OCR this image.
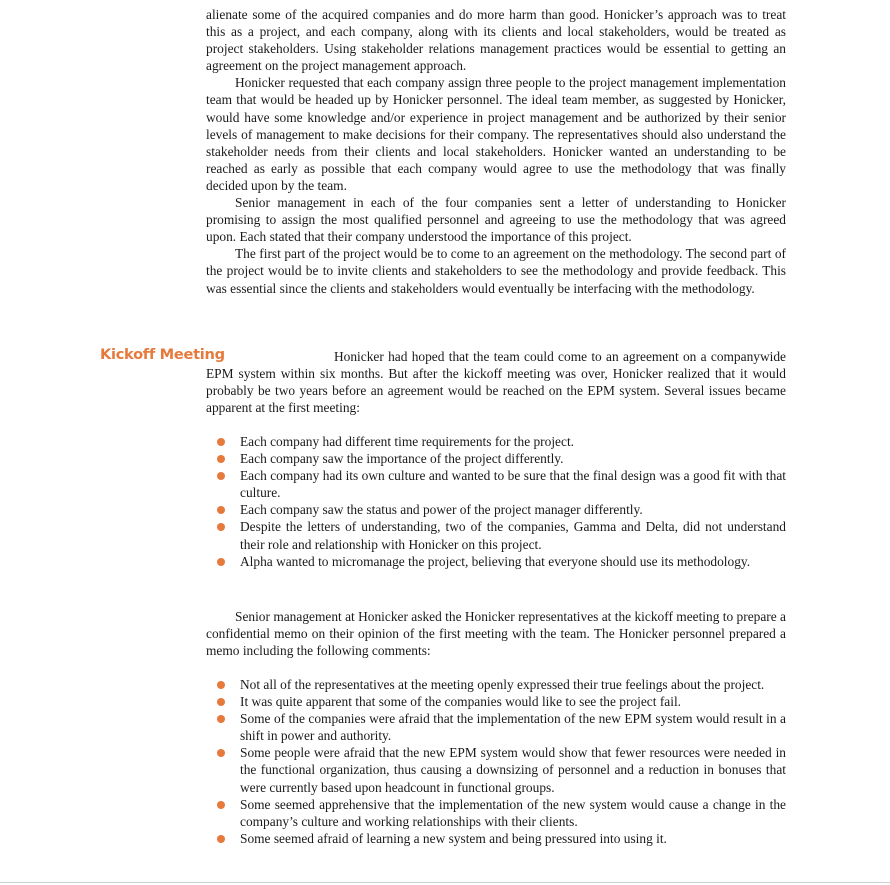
alienate some of the acquired companies and do more harm than good. Honicker’s approach was to treat this as a project, and each company, along with its clients and local stakeholders, would be treated as project stakeholders. Using stakeholder relations management practices would be essential to getting an agreement on the project management approach.

Honicker requested that each company assign three people to the project management implementation team that would be headed up by Honicker personnel. The ideal team member, as suggested by Honicker, would have some knowledge and/or experience in project management and be authorized by their senior levels of management to make decisions for their company. The representatives should also understand the stakeholder needs from their clients and local stakeholders. Honicker wanted an understanding to be reached as early as possible that each company would agree to use the methodology that was finally decided upon by the team.

Senior management in each of the four companies sent a letter of understanding to Honicker promising to assign the most qualified personnel and agreeing to use the methodology that was agreed upon. Each stated that their company understood the importance of this project.

The first part of the project would be to come to an agreement on the methodology. The second part of the project would be to invite clients and stakeholders to see the methodology and provide feedback. This was essential since the clients and stakeholders would eventually be interfacing with the methodology.

Kickoff Meeting	Honicker had hoped that the team could come to an agreement on a companywide EPM system within six months. But after the kickoff meeting was over, Honicker realized that it would probably be two years before an agreement would be reached on the EPM system. Several issues became apparent at the first meeting:

Each company had different time requirements for the project.
Each company saw the importance of the project differently.
Each company had its own culture and wanted to be sure that the final design was a good fit with that culture.
Each company saw the status and power of the project manager differently.
Despite the letters of understanding, two of the companies, Gamma and Delta, did not understand their role and relationship with Honicker on this project.
Alpha wanted to micromanage the project, believing that everyone should use its methodology.

Senior management at Honicker asked the Honicker representatives at the kickoff meeting to prepare a confidential memo on their opinion of the first meeting with the team. The Honicker personnel prepared a memo including the following comments:

Not all of the representatives at the meeting openly expressed their true feelings about the project.
It was quite apparent that some of the companies would like to see the project fail.
Some of the companies were afraid that the implementation of the new EPM system would result in a shift in power and authority.
Some people were afraid that the new EPM system would show that fewer resources were needed in the functional organization, thus causing a downsizing of personnel and a reduction in bonuses that were currently based upon headcount in functional groups.
Some seemed apprehensive that the implementation of the new system would cause a change in the company’s culture and working relationships with their clients.
Some seemed afraid of learning a new system and being pressured into using it.
